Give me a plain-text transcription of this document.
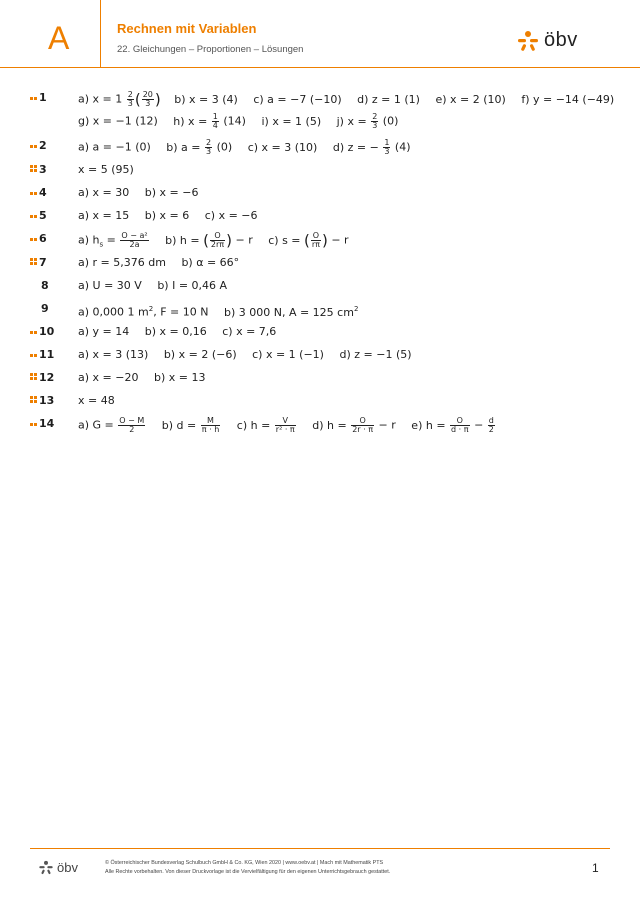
A	Rechnen mit Variablen
22. Gleichungen – Proportionen – Lösungen	öbv
1	a) $x = 1 \frac{2}{3}$ ( $\frac{20}{3}$ ) b) x = 3 (4) c) a = −7 (−10) d) z = 1 (1) e) x = 2 (10) f) y = −14 (−49)
g) x = −1 (12) h) $x = \frac{1}{4} (14)$ i) x = 1 (5) j) $x = \frac{2}{3} (0)$
2	a) a = −1 (0) b) $a = \frac{2}{3} (0)$ c) x = 3 (10) d) z = − $\frac{1}{3} (4)$
3	x = 5 (95)
4	a) x = 30 b) x = −6
5	a) x = 15 b) x = 6 c) x = −6
6	a) $h_s = \frac{\text{O − a²}}{2a} b$) h = ( $\frac{O}{2r\pi}$ ) − r c) s = ( $\frac{O}{r\pi}$ ) − r
7	a) r = 5,376 dm b) α = 66°
8	a) U = 30 V b) I = 0,46 A
9	a) 0,000 1 $m^2$, F = 10 N b) 3 000 N, A = 125 $cm^2$
10	a) y = 14 b) x = 0,16 c) x = 7,6
11	a) x = 3 (13) b) x = 2 (−6) c) x = 1 (−1) d) z = −1 (5)
12	a) x = −20 b) x = 13
13	x = 48
14	a) $G = \frac{O - M}{2} b$) $d = \frac{M}{\pi \cdot h} c$) $h = \frac{V}{\text{r² · π}} d$) $h = \frac{O}{2r \cdot \pi} - r$ e) $h = \frac{O}{d \cdot \pi} - \frac{d}{2}$
öbv	© Österreichischer Bundesverlag Schulbuch GmbH & Co. KG, Wien 2020 | www.oebv.at | Mach mit Mathematik PTS
Alle Rechte vorbehalten. Von dieser Druckvorlage ist die Vervielfältigung für den eigenen Unterrichtsgebrauch gestattet.	1
